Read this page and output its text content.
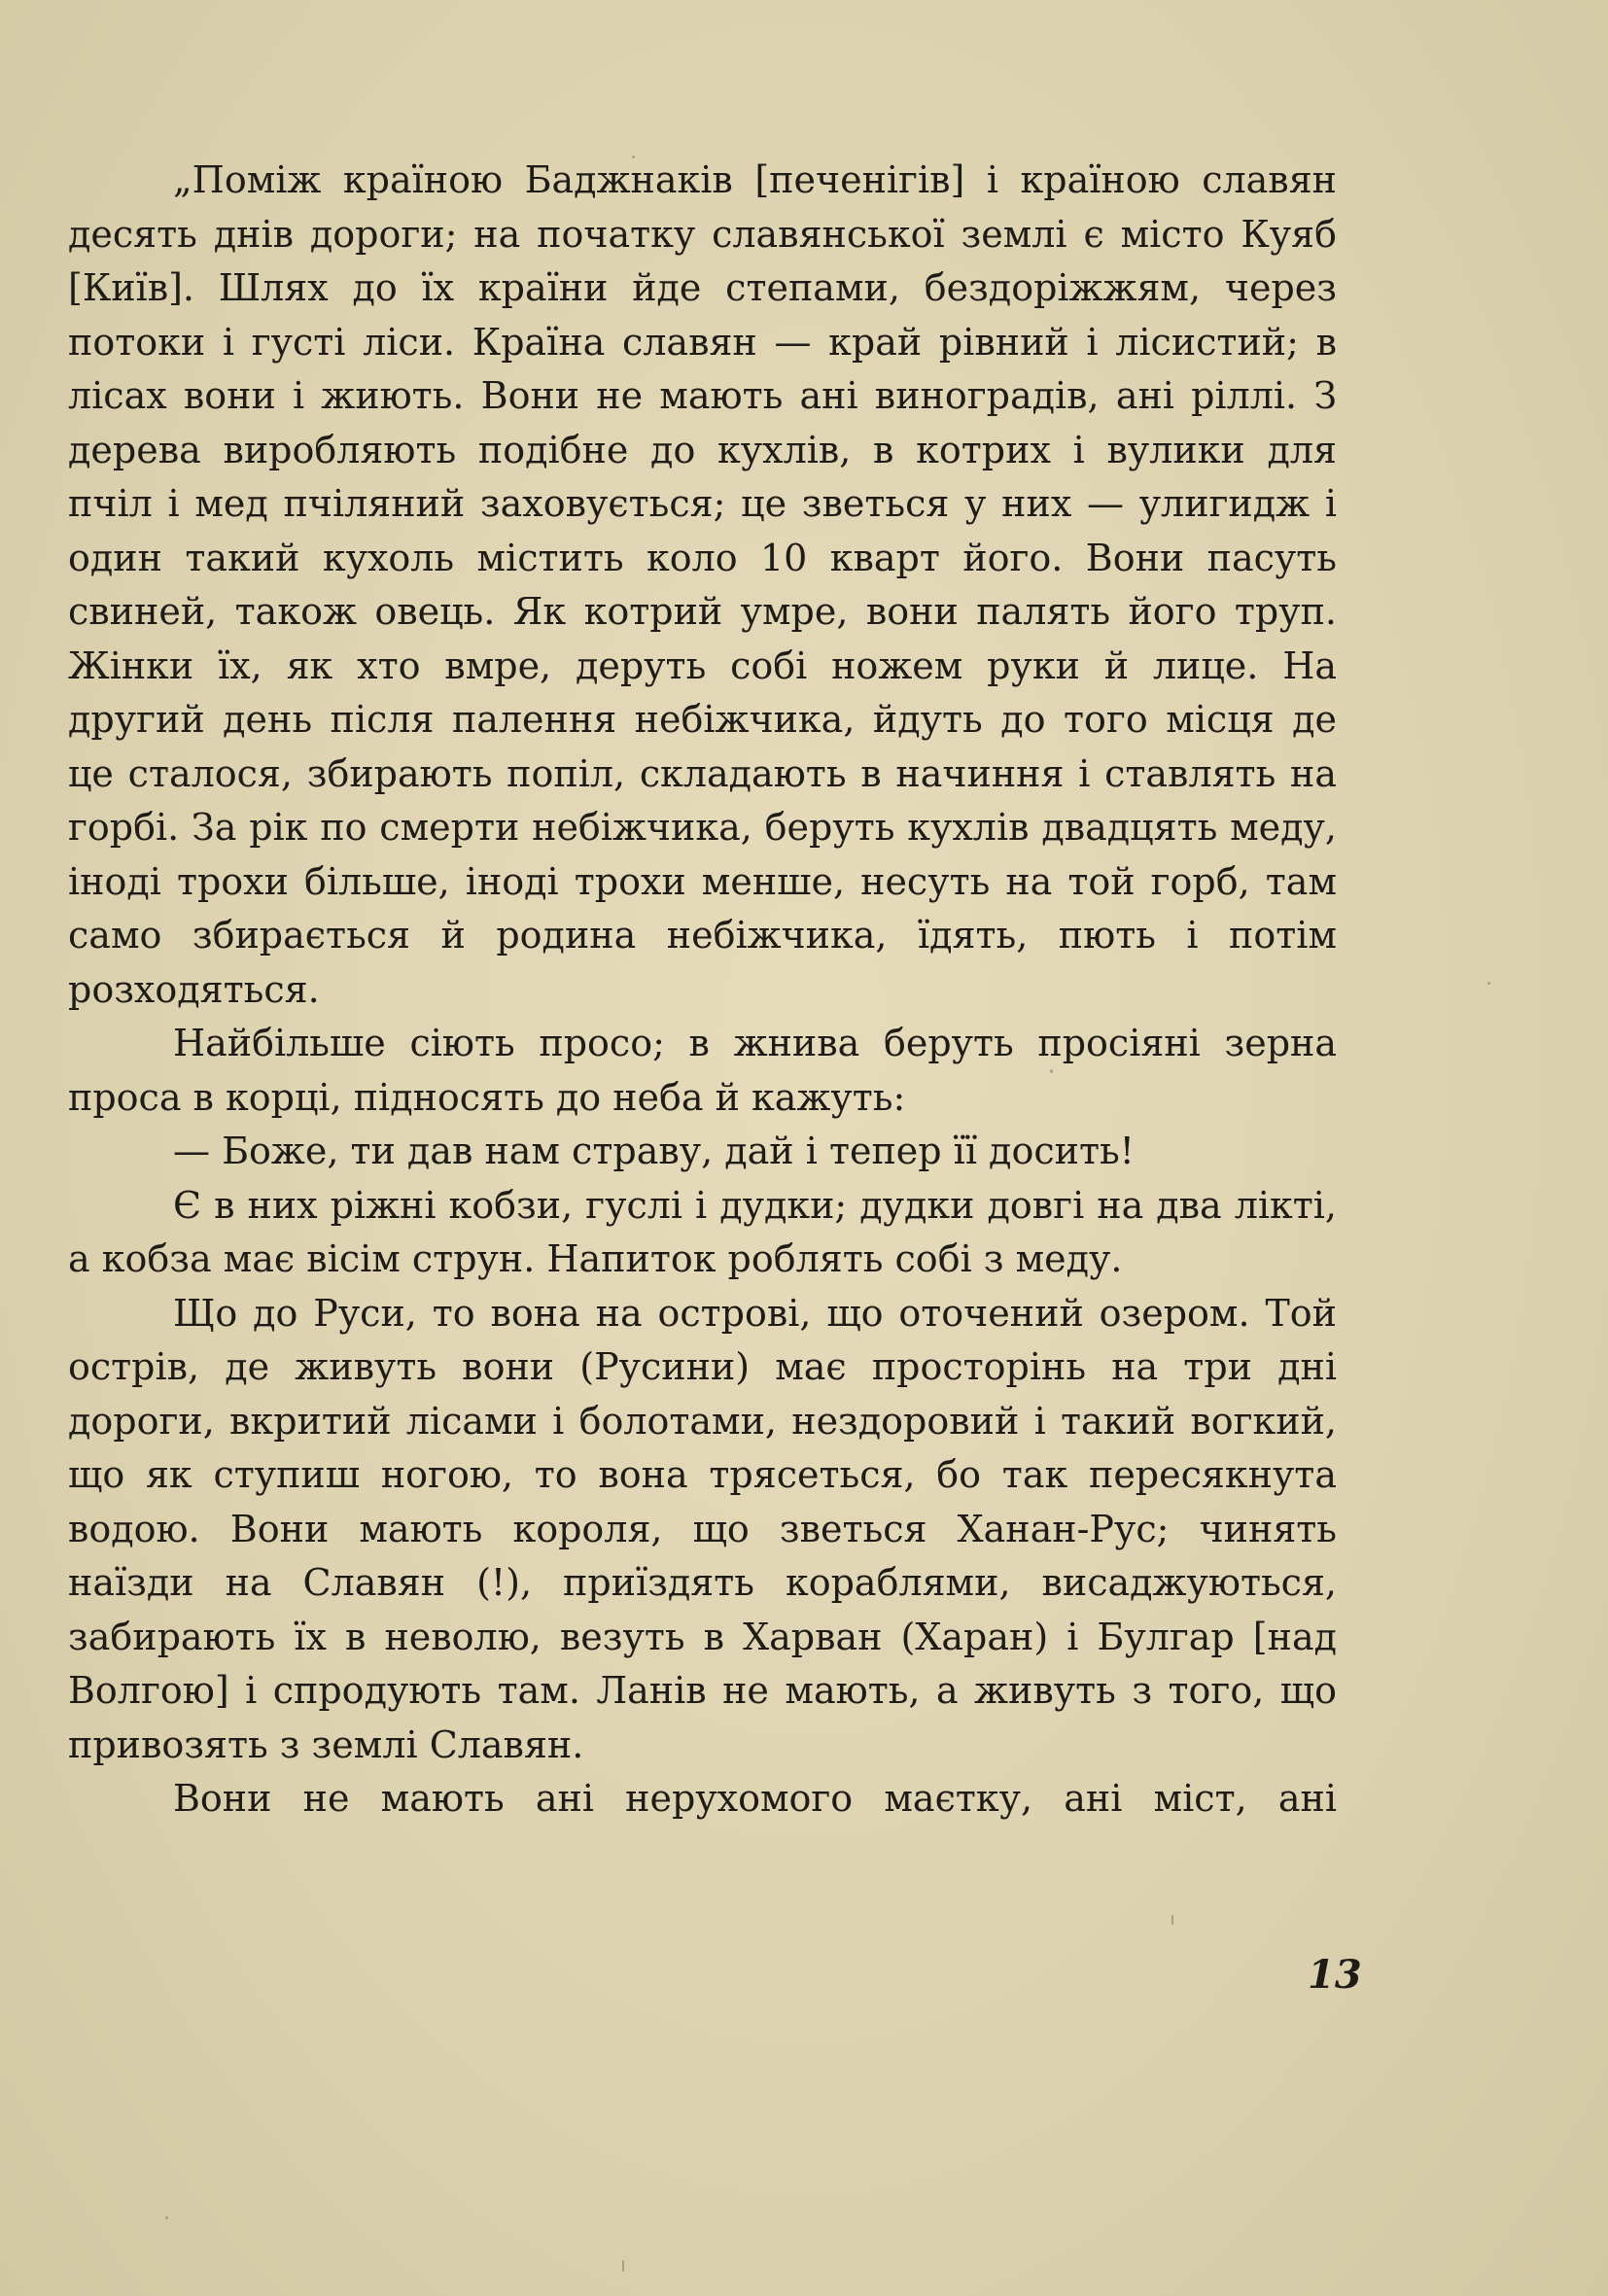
„Поміж країною Баджнаків [печенігів] і країною славян десять днів дороги; на початку славянської землі є місто Куяб [Київ]. Шлях до їх країни йде степами, бездоріжжям, через потоки і густі ліси. Країна славян — край рівний і лісистий; в лісах вони і жиють. Вони не мають ані виноградів, ані ріллі. З дерева виробляють подібне до кухлів, в котрих і вулики для пчіл і мед пчіляний заховується; це зветься у них — улигидж і один такий кухоль містить коло 10 кварт його. Вони пасуть свиней, також овець. Як котрий умре, вони палять його труп. Жінки їх, як хто вмре, деруть собі ножем руки й лице. На другий день після палення небіжчика, йдуть до того місця де це сталося, збирають попіл, складають в начиння і ставлять на горбі. За рік по смерти небіжчика, беруть кухлів двадцять меду, іноді трохи більше, іноді трохи менше, несуть на той горб, там само збирається й родина небіжчика, їдять, пють і потім розходяться.

Найбільше сіють просо; в жнива беруть просіяні зерна проса в корці, підносять до неба й кажуть:

— Боже, ти дав нам страву, дай і тепер її досить!

Є в них ріжні кобзи, гуслі і дудки; дудки довгі на два лікті, а кобза має вісім струн. Напиток роблять собі з меду.

Що до Руси, то вона на острові, що оточений озером. Той острів, де живуть вони (Русини) має просторінь на три дні дороги, вкритий лісами і болотами, нездоровий і такий вогкий, що як ступиш ногою, то вона трясеться, бо так пересякнута водою. Вони мають короля, що зветься Ханан-Рус; чинять наїзди на Славян (!), приїздять кораблями, висаджуються, забирають їх в неволю, везуть в Харван (Харан) і Булгар [над Волгою] і спродують там. Ланів не мають, а живуть з того, що привозять з землі Славян.

Вони не мають ані нерухомого маєтку, ані міст, ані

13
